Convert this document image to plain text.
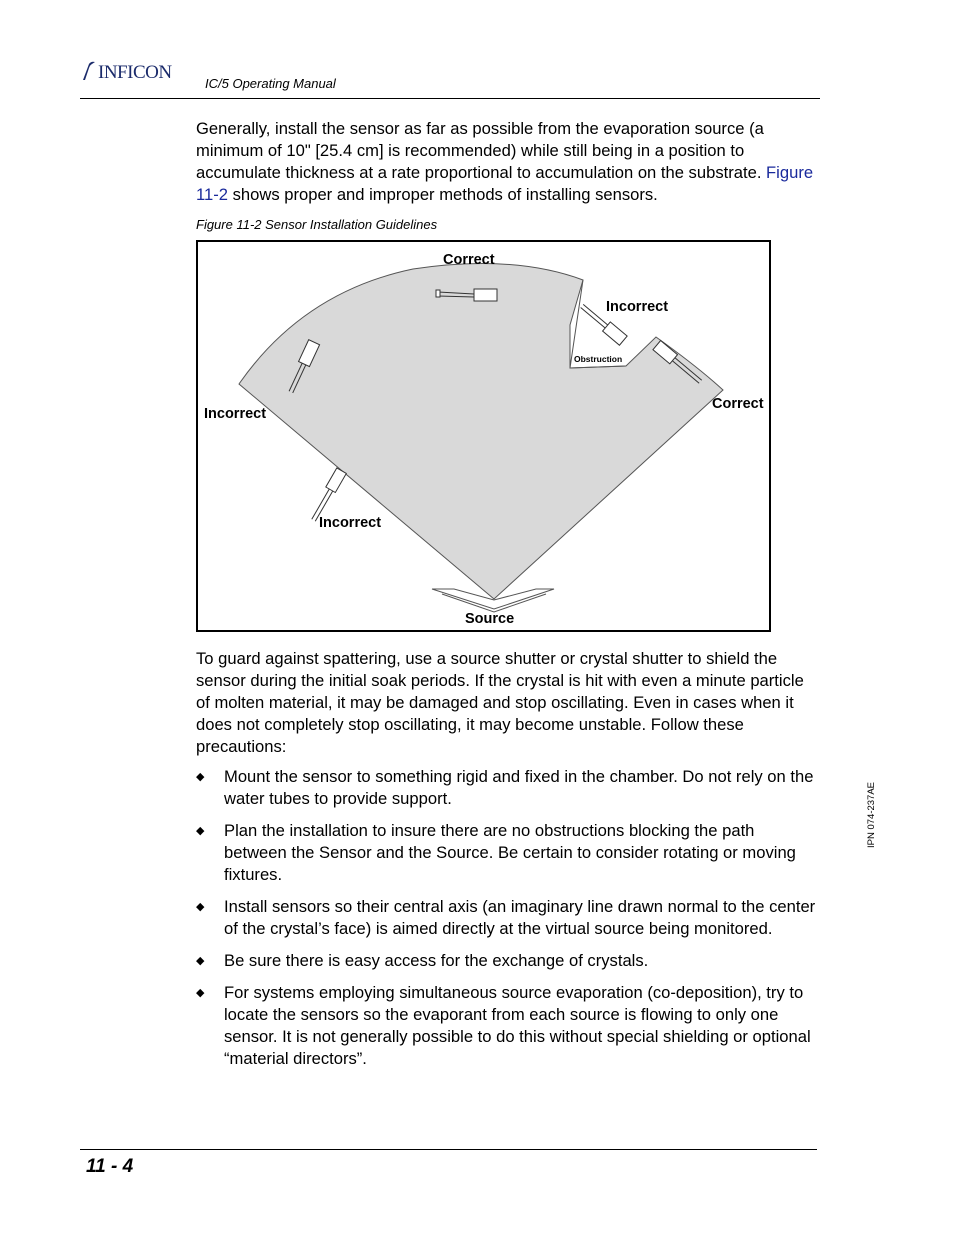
INFICON
IC/5 Operating Manual

Generally, install the sensor as far as possible from the evaporation source (a minimum of 10" [25.4 cm] is recommended) while still being in a position to accumulate thickness at a rate proportional to accumulation on the substrate. Figure 11-2 shows proper and improper methods of installing sensors.

Figure 11-2 Sensor Installation Guidelines
Correct
Incorrect
Obstruction
Correct
Incorrect
Incorrect
Source

To guard against spattering, use a source shutter or crystal shutter to shield the sensor during the initial soak periods. If the crystal is hit with even a minute particle of molten material, it may be damaged and stop oscillating. Even in cases when it does not completely stop oscillating, it may become unstable. Follow these precautions:

◆ Mount the sensor to something rigid and fixed in the chamber. Do not rely on the water tubes to provide support.
◆ Plan the installation to insure there are no obstructions blocking the path between the Sensor and the Source. Be certain to consider rotating or moving fixtures.
◆ Install sensors so their central axis (an imaginary line drawn normal to the center of the crystal’s face) is aimed directly at the virtual source being monitored.
◆ Be sure there is easy access for the exchange of crystals.
◆ For systems employing simultaneous source evaporation (co-deposition), try to locate the sensors so the evaporant from each source is flowing to only one sensor. It is not generally possible to do this without special shielding or optional “material directors”.
IPN 074-237AE
11 - 4
